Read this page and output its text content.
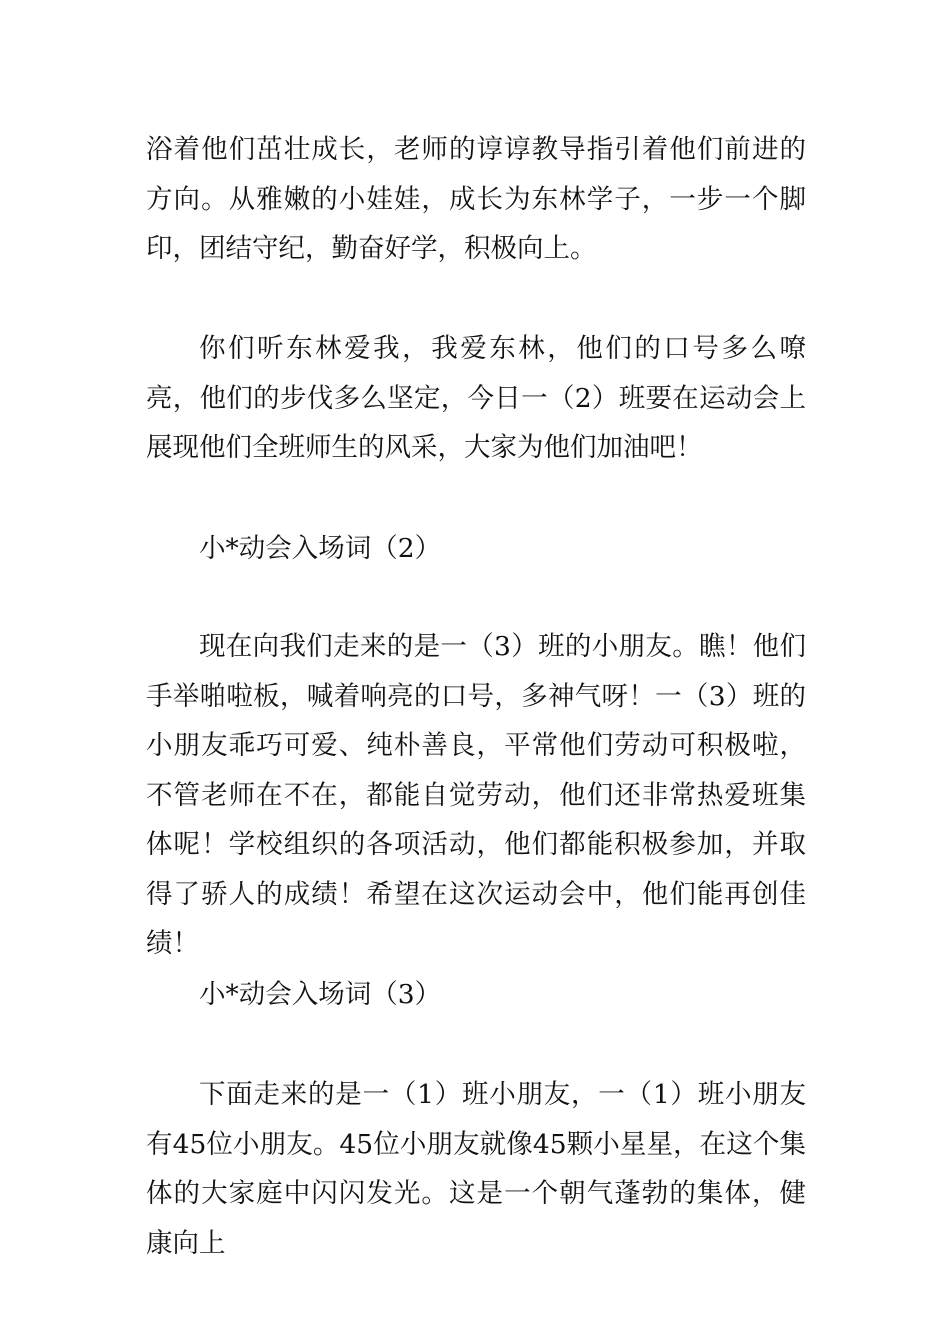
浴着他们茁壮成长，老师的谆谆教导指引着他们前进的方向。从雅嫩的小娃娃，成长为东林学子，一步一个脚印，团结守纪，勤奋好学，积极向上。

你们听东林爱我，我爱东林，他们的口号多么嘹亮，他们的步伐多么坚定，今日一（2）班要在运动会上展现他们全班师生的风采，大家为他们加油吧！

小*动会入场词（2）

现在向我们走来的是一（3）班的小朋友。瞧！他们手举啪啦板，喊着响亮的口号，多神气呀！一（3）班的小朋友乖巧可爱、纯朴善良，平常他们劳动可积极啦，不管老师在不在，都能自觉劳动，他们还非常热爱班集体呢！学校组织的各项活动，他们都能积极参加，并取得了骄人的成绩！希望在这次运动会中，他们能再创佳绩！

小*动会入场词（3）

下面走来的是一（1）班小朋友，一（1）班小朋友有45位小朋友。45位小朋友就像45颗小星星，在这个集体的大家庭中闪闪发光。这是一个朝气蓬勃的集体，健康向上
